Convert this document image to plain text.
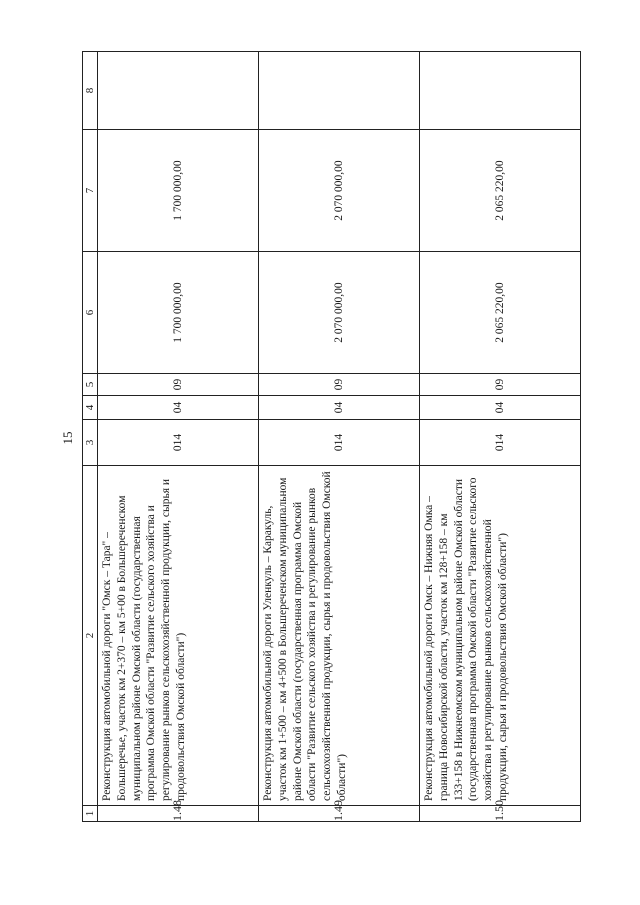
15
1	2	3	4	5	6	7	8
1.48	Реконструкция автомобильной дороги "Омск – Тара" – Большеречье, участок км 2+370 – км 5+00 в Большереченском муниципальном районе Омской области (государственная программа Омской области "Развитие сельского хозяйства и регулирование рынков сельскохозяйственной продукции, сырья и продовольствия Омской области")	014	04	09	1 700 000,00	1 700 000,00	
1.49	Реконструкция автомобильной дороги Уленкуль – Каракуль, участок км 1+500 – км 4+500 в Большереченском муниципальном районе Омской области (государственная программа Омской области "Развитие сельского хозяйства и регулирование рынков сельскохозяйственной продукции, сырья и продовольствия Омской области")	014	04	09	2 070 000,00	2 070 000,00	
1.50	Реконструкция автомобильной дороги Омск – Нижняя Омка – граница Новосибирской области, участок км 128+158 – км 133+158 в Нижнеомском муниципальном районе Омской области (государственная программа Омской области "Развитие сельского хозяйства и регулирование рынков сельскохозяйственной продукции, сырья и продовольствия Омской области")	014	04	09	2 065 220,00	2 065 220,00	
